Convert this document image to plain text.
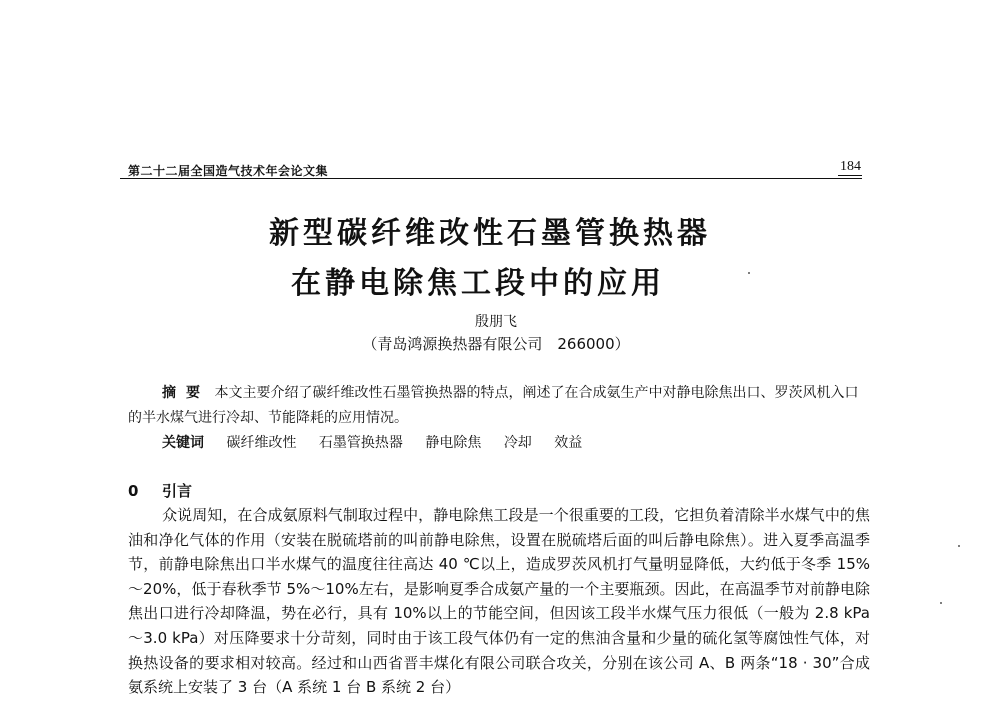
第二十二届全国造气技术年会论文集	184
新型碳纤维改性石墨管换热器
在静电除焦工段中的应用
殷朋飞
（青岛鸿源换热器有限公司　266000）
摘要 本文主要介绍了碳纤维改性石墨管换热器的特点，阐述了在合成氨生产中对静电除焦出口、罗茨风机入口的半水煤气进行冷却、节能降耗的应用情况。
关键词 碳纤维改性 石墨管换热器 静电除焦 冷却 效益
0 引言
众说周知，在合成氨原料气制取过程中，静电除焦工段是一个很重要的工段，它担负着清除半水煤气中的焦油和净化气体的作用（安装在脱硫塔前的叫前静电除焦，设置在脱硫塔后面的叫后静电除焦）。进入夏季高温季节，前静电除焦出口半水煤气的温度往往高达 40 ℃以上，造成罗茨风机打气量明显降低，大约低于冬季 15%～20%，低于春秋季节 5%～10%左右，是影响夏季合成氨产量的一个主要瓶颈。因此，在高温季节对前静电除焦出口进行冷却降温，势在必行，具有 10%以上的节能空间，但因该工段半水煤气压力很低（一般为 2.8 kPa～3.0 kPa）对压降要求十分苛刻，同时由于该工段气体仍有一定的焦油含量和少量的硫化氢等腐蚀性气体，对换热设备的要求相对较高。经过和山西省晋丰煤化有限公司联合攻关，分别在该公司 A、B 两条“18 · 30”合成氨系统上安装了 3 台（A 系统 1 台 B 系统 2 台）
